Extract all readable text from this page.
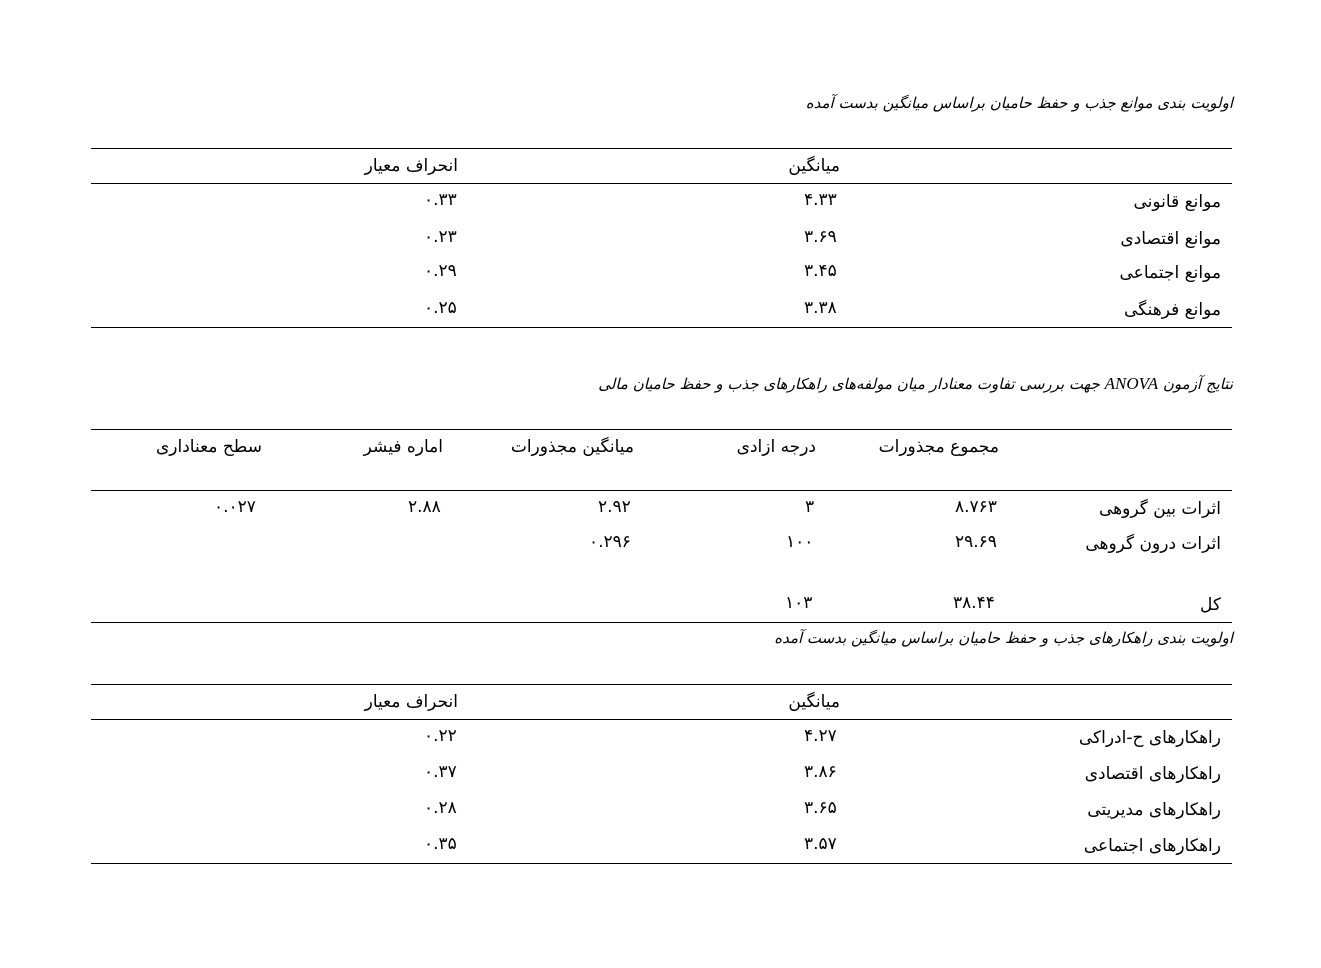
اولویت بندی موانع جذب و حفظ حامیان براساس میانگین بدست آمده
میانگین
انحراف معیار
موانع قانونی
۴.۳۳
۰.۳۳
موانع اقتصادی
۳.۶۹
۰.۲۳
موانع اجتماعی
۳.۴۵
۰.۲۹
موانع فرهنگی
۳.۳۸
۰.۲۵
نتایج آزمون ANOVA جهت بررسی تفاوت معنادار میان مولفه‌های راهکارهای جذب و حفظ حامیان مالی
مجموع مجذورات
درجه ازادی
میانگین مجذورات
اماره فیشر
سطح معناداری
اثرات بین گروهی
۸.۷۶۳
۳
۲.۹۲
۲.۸۸
۰.۰۲۷
اثرات درون گروهی
۲۹.۶۹
۱۰۰
۰.۲۹۶
کل
۳۸.۴۴
۱۰۳
اولویت بندی راهکارهای جذب و حفظ حامیان براساس میانگین بدست آمده
میانگین
انحراف معیار
راهکارهای ح-ادراکی
۴.۲۷
۰.۲۲
راهکارهای اقتصادی
۳.۸۶
۰.۳۷
راهکارهای مدیریتی
۳.۶۵
۰.۲۸
راهکارهای اجتماعی
۳.۵۷
۰.۳۵
